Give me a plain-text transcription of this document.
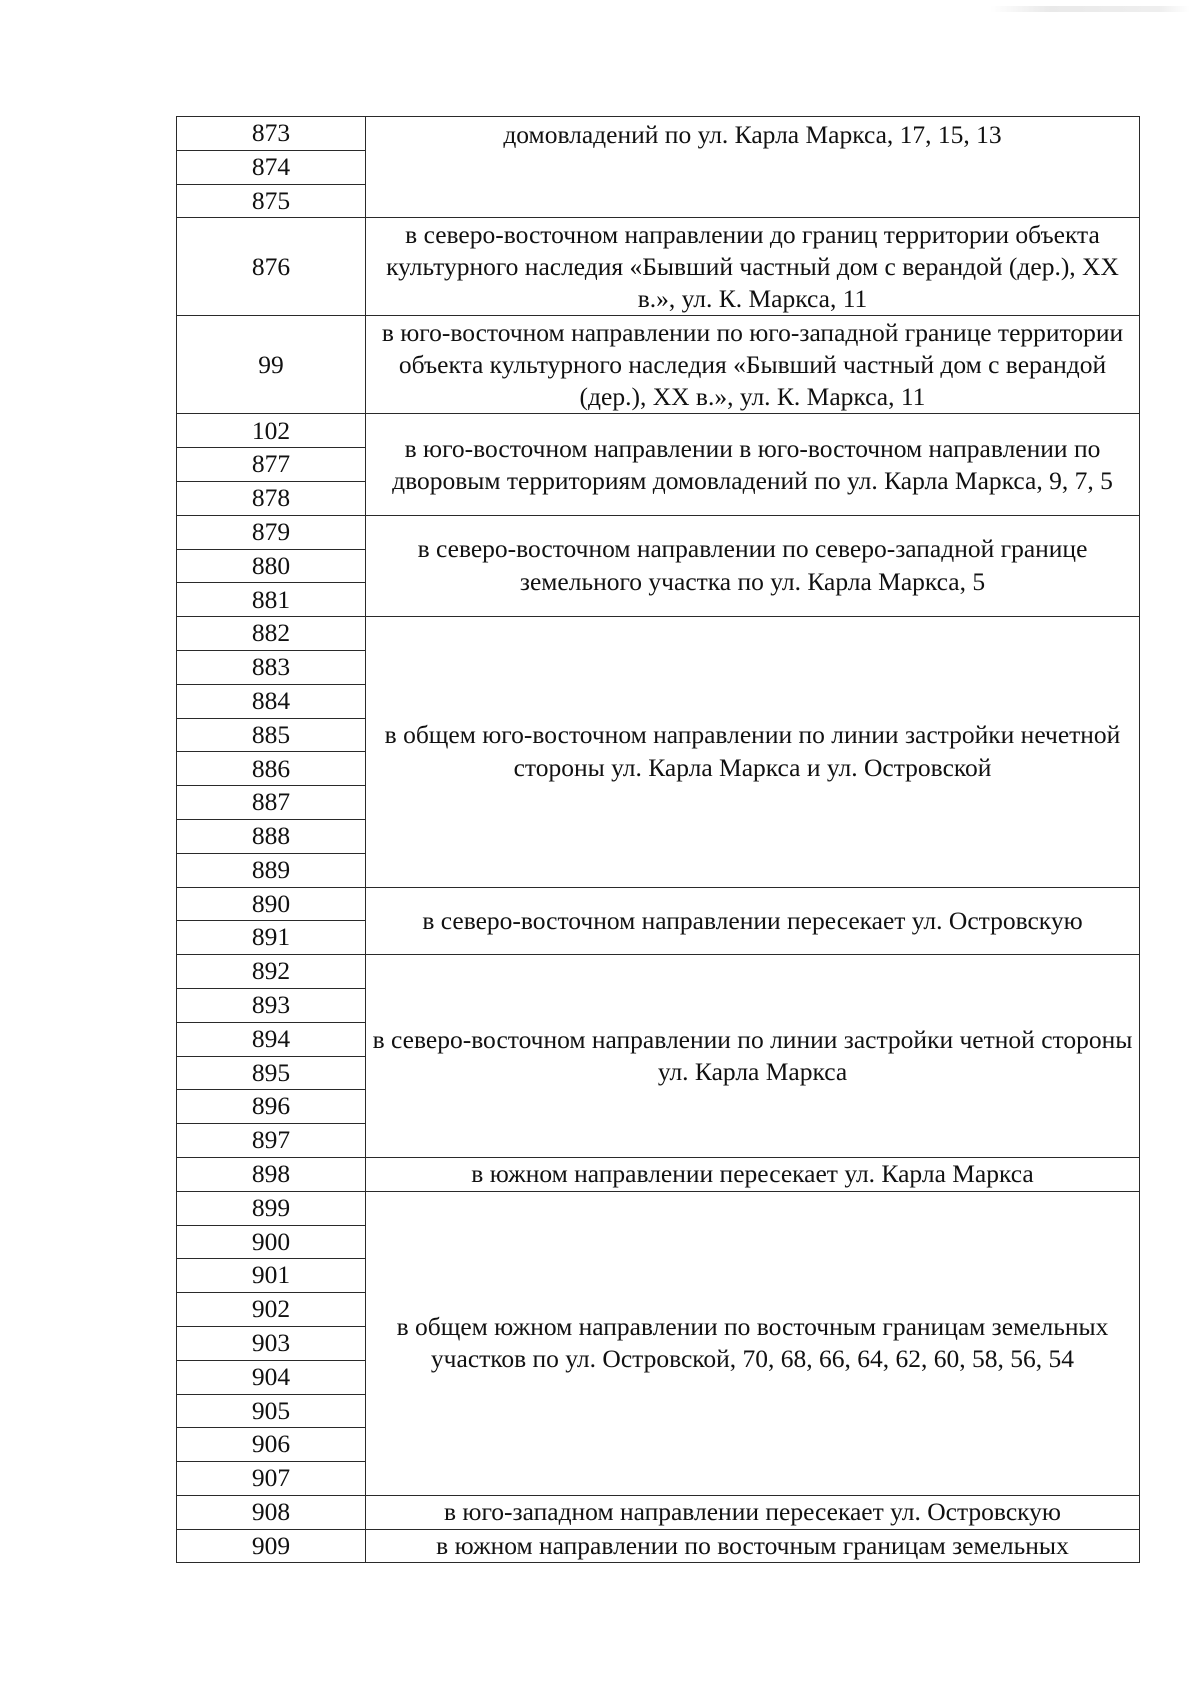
873	домовладений по ул. Карла Маркса, 17, 15, 13
874	
875	
876	в северо-восточном направлении до границ территории объекта культурного наследия «Бывший частный дом с верандой (дер.), XX в.», ул. К. Маркса, 11
99	в юго-восточном направлении по юго-западной границе территории объекта культурного наследия «Бывший частный дом с верандой (дер.), XX в.», ул. К. Маркса, 11
102	в юго-восточном направлении в юго-восточном направлении по дворовым территориям домовладений по ул. Карла Маркса, 9, 7, 5
877	
878	
879	в северо-восточном направлении по северо-западной границе земельного участка по ул. Карла Маркса, 5
880	
881	
882	в общем юго-восточном направлении по линии застройки нечетной стороны ул. Карла Маркса и ул. Островской
883	
884	
885	
886	
887	
888	
889	
890	в северо-восточном направлении пересекает ул. Островскую
891	
892	в северо-восточном направлении по линии застройки четной стороны ул. Карла Маркса
893	
894	
895	
896	
897	
898	в южном направлении пересекает ул. Карла Маркса
899	в общем южном направлении по восточным границам земельных участков по ул. Островской, 70, 68, 66, 64, 62, 60, 58, 56, 54
900	
901	
902	
903	
904	
905	
906	
907	
908	в юго-западном направлении пересекает ул. Островскую
909	в южном направлении по восточным границам земельных
